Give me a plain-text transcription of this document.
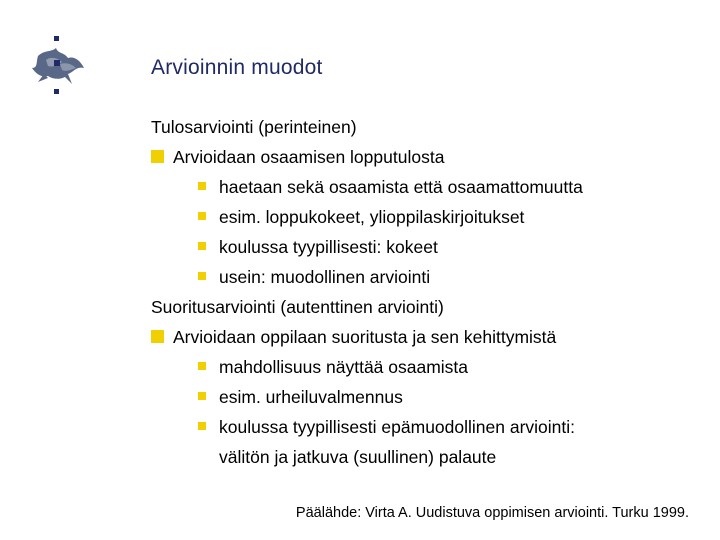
Arvioinnin muodot
Tulosarviointi (perinteinen)
Arvioidaan osaamisen lopputulosta
haetaan sekä osaamista että osaamattomuutta
esim. loppukokeet, ylioppilaskirjoitukset
koulussa tyypillisesti: kokeet
usein: muodollinen arviointi
Suoritusarviointi (autenttinen arviointi)
Arvioidaan oppilaan suoritusta ja sen kehittymistä
mahdollisuus näyttää osaamista
esim. urheiluvalmennus
koulussa tyypillisesti epämuodollinen arviointi:
välitön ja jatkuva (suullinen) palaute
Päälähde: Virta A. Uudistuva oppimisen arviointi. Turku 1999.
